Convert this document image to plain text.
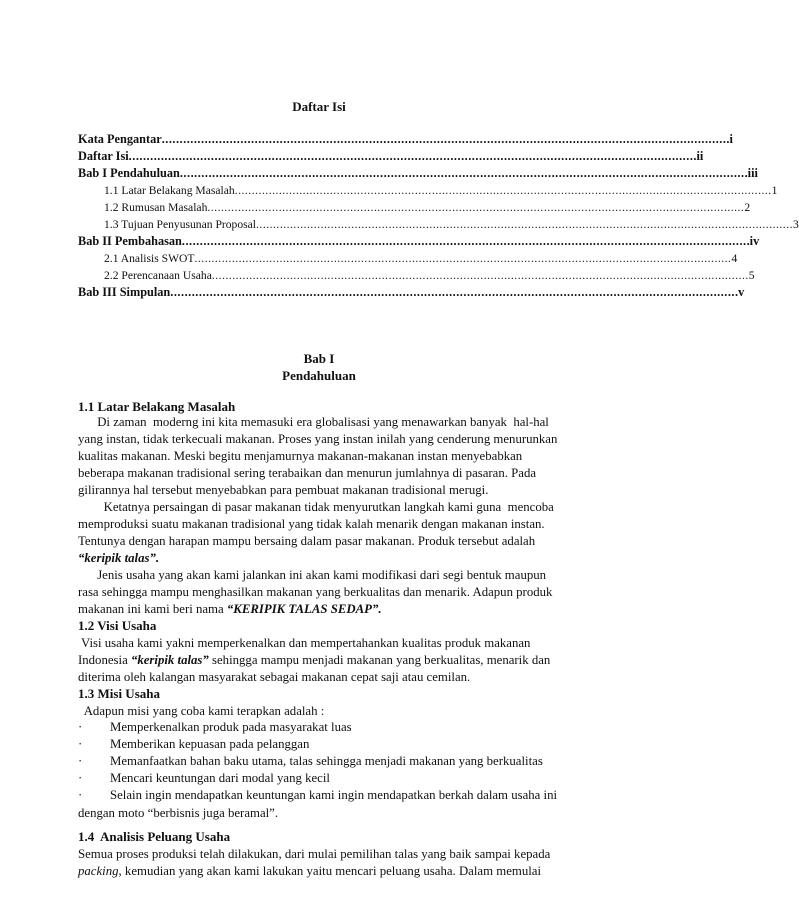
Daftar Isi
Kata Pengantar .............................................................................................................................................................. .i
Daftar Isi .............................................................................................................................................................. .ii
Bab I Pendahuluan .............................................................................................................................................................. .iii
1.1 Latar Belakang Masalah .............................................................................................................................................................. 1
1.2 Rumusan Masalah .............................................................................................................................................................. 2
1.3 Tujuan Penyusunan Proposal .............................................................................................................................................................. 3
Bab II Pembahasan .............................................................................................................................................................. .iv
2.1 Analisis SWOT .............................................................................................................................................................. 4
2.2 Perencanaan Usaha .............................................................................................................................................................. 5
Bab III Simpulan .............................................................................................................................................................. .v
Bab I
Pendahuluan
1.1 Latar Belakang Masalah
Di zaman  moderng ini kita memasuki era globalisasi yang menawarkan banyak  hal-hal
yang instan, tidak terkecuali makanan. Proses yang instan inilah yang cenderung menurunkan
kualitas makanan. Meski begitu menjamurnya makanan-makanan instan menyebabkan
beberapa makanan tradisional sering terabaikan dan menurun jumlahnya di pasaran. Pada
gilirannya hal tersebut menyebabkan para pembuat makanan tradisional merugi.
Ketatnya persaingan di pasar makanan tidak menyurutkan langkah kami guna  mencoba
memproduksi suatu makanan tradisional yang tidak kalah menarik dengan makanan instan.
Tentunya dengan harapan mampu bersaing dalam pasar makanan. Produk tersebut adalah
“keripik talas”.
Jenis usaha yang akan kami jalankan ini akan kami modifikasi dari segi bentuk maupun
rasa sehingga mampu menghasilkan makanan yang berkualitas dan menarik. Adapun produk
makanan ini kami beri nama “KERIPIK TALAS SEDAP”.
1.2 Visi Usaha
Visi usaha kami yakni memperkenalkan dan mempertahankan kualitas produk makanan
Indonesia “keripik talas” sehingga mampu menjadi makanan yang berkualitas, menarik dan
diterima oleh kalangan masyarakat sebagai makanan cepat saji atau cemilan.
1.3 Misi Usaha
Adapun misi yang coba kami terapkan adalah :
· Memperkenalkan produk pada masyarakat luas
· Memberikan kepuasan pada pelanggan
· Memanfaatkan bahan baku utama, talas sehingga menjadi makanan yang berkualitas
· Mencari keuntungan dari modal yang kecil
· Selain ingin mendapatkan keuntungan kami ingin mendapatkan berkah dalam usaha ini
dengan moto “berbisnis juga beramal”.
1.4  Analisis Peluang Usaha
Semua proses produksi telah dilakukan, dari mulai pemilihan talas yang baik sampai kepada
packing, kemudian yang akan kami lakukan yaitu mencari peluang usaha. Dalam memulai
